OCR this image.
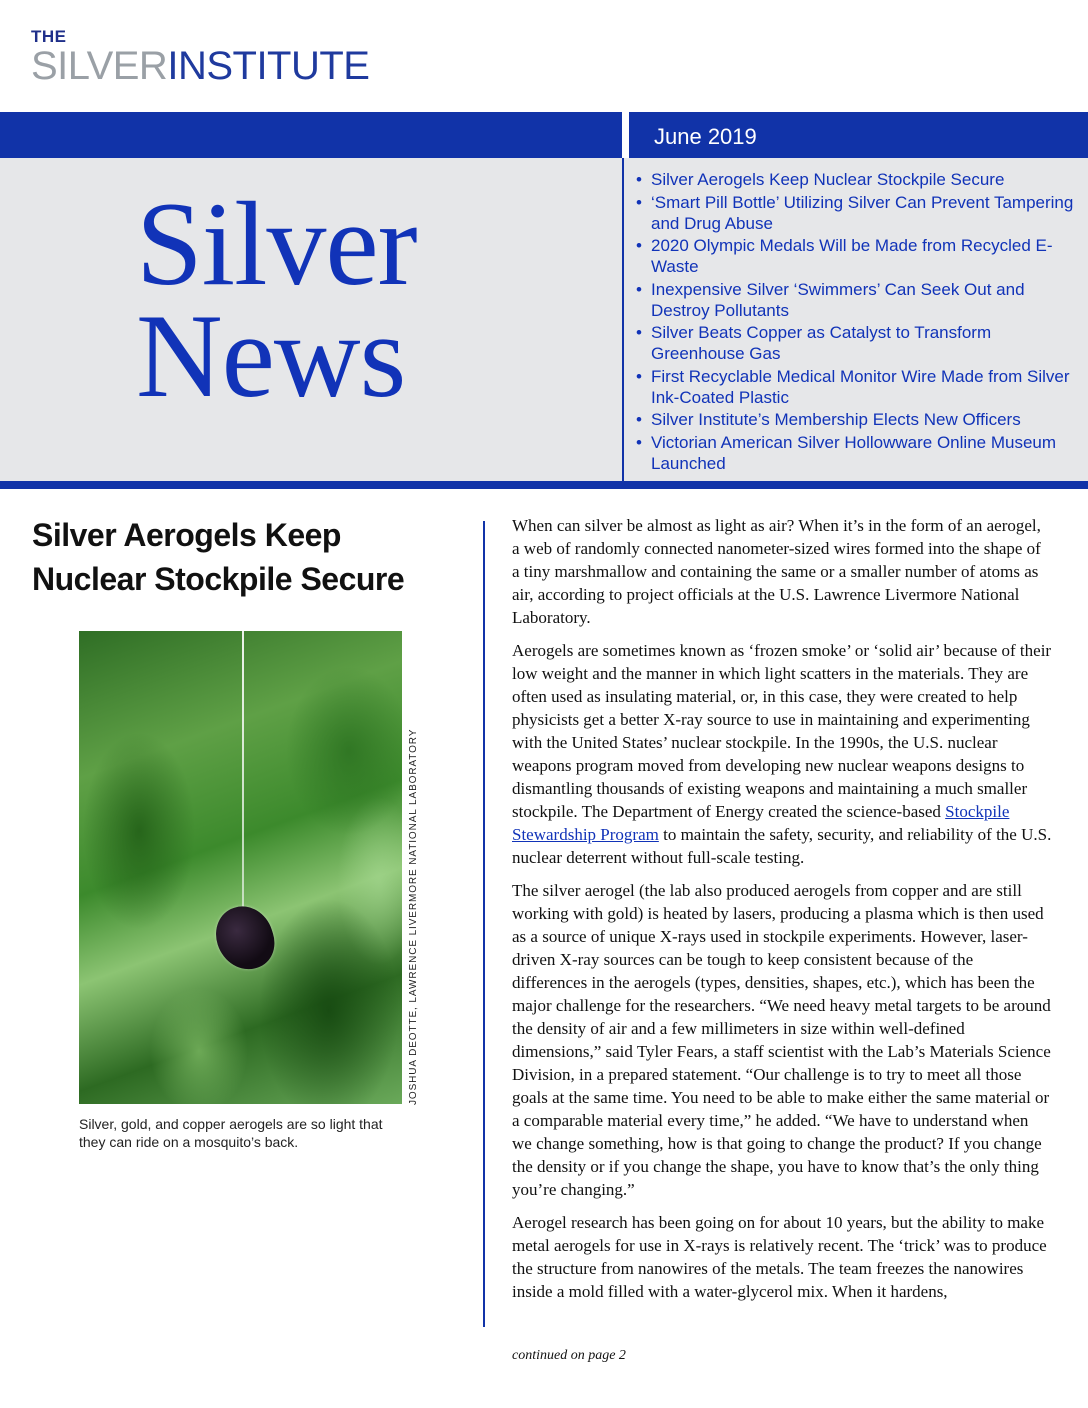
THE
SILVERINSTITUTE
June 2019
Silver
News
• Silver Aerogels Keep Nuclear Stockpile Secure
• ‘Smart Pill Bottle’ Utilizing Silver Can Prevent Tampering and Drug Abuse
• 2020 Olympic Medals Will be Made from Recycled E-Waste
• Inexpensive Silver ‘Swimmers’ Can Seek Out and Destroy Pollutants
• Silver Beats Copper as Catalyst to Transform Greenhouse Gas
• First Recyclable Medical Monitor Wire Made from Silver Ink-Coated Plastic
• Silver Institute’s Membership Elects New Officers
• Victorian American Silver Hollowware Online Museum Launched
Silver Aerogels Keep Nuclear Stockpile Secure
JOSHUA DEOTTE, LAWRENCE LIVERMORE NATIONAL LABORATORY

Silver, gold, and copper aerogels are so light that they can ride on a mosquito’s back.

When can silver be almost as light as air? When it’s in the form of an aerogel, a web of randomly connected nanometer-sized wires formed into the shape of a tiny marshmallow and containing the same or a smaller number of atoms as air, according to project officials at the U.S. Lawrence Livermore National Laboratory.

Aerogels are sometimes known as ‘frozen smoke’ or ‘solid air’ because of their low weight and the manner in which light scatters in the materials. They are often used as insulating material, or, in this case, they were created to help physicists get a better X-ray source to use in maintaining and experimenting with the United States’ nuclear stockpile. In the 1990s, the U.S. nuclear weapons program moved from developing new nuclear weapons designs to dismantling thousands of existing weapons and maintaining a much smaller stockpile. The Department of Energy created the science-based Stockpile Stewardship Program to maintain the safety, security, and reliability of the U.S. nuclear deterrent without full-scale testing.

The silver aerogel (the lab also produced aerogels from copper and are still working with gold) is heated by lasers, producing a plasma which is then used as a source of unique X-rays used in stockpile experiments. However, laser-driven X-ray sources can be tough to keep consistent because of the differences in the aerogels (types, densities, shapes, etc.), which has been the major challenge for the researchers. “We need heavy metal targets to be around the density of air and a few millimeters in size within well-defined dimensions,” said Tyler Fears, a staff scientist with the Lab’s Materials Science Division, in a prepared statement. “Our challenge is to try to meet all those goals at the same time. You need to be able to make either the same material or a comparable material every time,” he added. “We have to understand when we change something, how is that going to change the product? If you change the density or if you change the shape, you have to know that’s the only thing you’re changing.”

Aerogel research has been going on for about 10 years, but the ability to make metal aerogels for use in X-rays is relatively recent. The ‘trick’ was to produce the structure from nanowires of the metals. The team freezes the nanowires inside a mold filled with a water-glycerol mix. When it hardens,

continued on page 2
